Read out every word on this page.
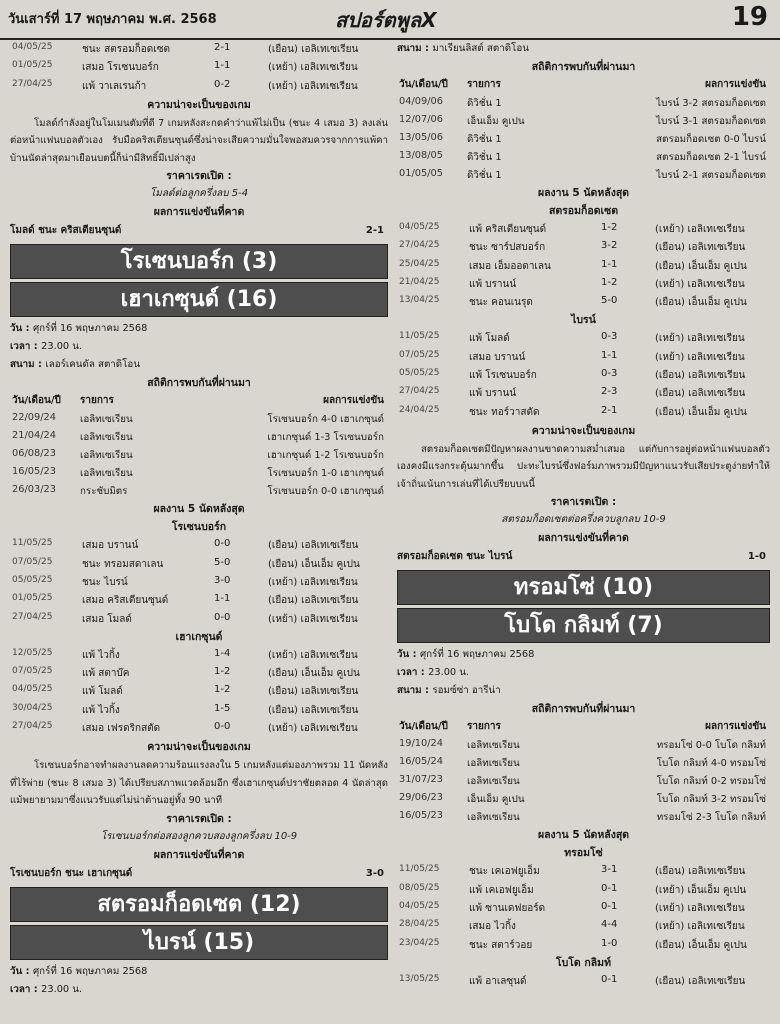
วันเสาร์ที่ 17 พฤษภาคม พ.ศ. 2568	สปอร์ตพูลX	19
04/05/25	ชนะ สตรอมก็อดเซต	2-1	(เยือน) เอลิเทเซเรียน
01/05/25	เสมอ โรเซนบอร์ก	1-1	(เหย้า) เอลิเทเซเรียน
27/04/25	แพ้ วาเลเรนก้า	0-2	(เหย้า) เอลิเทเซเรียน
ความน่าจะเป็นของเกม
โมลด์กำลังอยู่ในโมเมนตัมที่ดี 7 เกมหลังสะกดคำว่าแพ้ไม่เป็น (ชนะ 4 เสมอ 3) ลงเล่นต่อหน้าแฟนบอลตัวเอง รับมือคริสเตียนซุนด์ซึ่งน่าจะเสียความมั่นใจพอสมควรจากการแพ้คาบ้านนัดล่าสุดมาเยือนบตนี้ก็น่ามีสิทธิ์มีเปล่าสูง
ราคาเรตเปิด :
โมลด์ต่อลูกครึ่งลบ 5-4
ผลการแข่งขันที่คาด
โมลด์ ชนะ คริสเตียนซุนด์	2-1
โรเซนบอร์ก (3)
เฮาเกซุนด์ (16)
วัน : ศุกร์ที่ 16 พฤษภาคม 2568
เวลา : 23.00 น.
สนาม : เลอร์เคนดัล สตาดิโอน
สถิติการพบกันที่ผ่านมา
วัน/เดือน/ปี รายการ	ผลการแข่งขัน
22/09/24 เอลิทเซเรียน	โรเซนบอร์ก 4-0 เฮาเกซุนด์
21/04/24 เอลิทเซเรียน	เฮาเกซุนด์ 1-3 โรเซนบอร์ก
06/08/23 เอลิทเซเรียน	เฮาเกซุนด์ 1-2 โรเซนบอร์ก
16/05/23 เอลิทเซเรียน	โรเซนบอร์ก 1-0 เฮาเกซุนด์
26/03/23 กระชับมิตร	โรเซนบอร์ก 0-0 เฮาเกซุนด์
ผลงาน 5 นัดหลังสุด
โรเซนบอร์ก
11/05/25	เสมอ บรานน์	0-0	(เยือน) เอลิเทเซเรียน
07/05/25	ชนะ ทรอมสดาเลน	5-0	(เยือน) เอ็นเอ็ม คูเปน
05/05/25	ชนะ ไบรน์	3-0	(เหย้า) เอลิเทเซเรียน
01/05/25	เสมอ คริสเตียนซุนด์	1-1	(เยือน) เอลิเทเซเรียน
27/04/25	เสมอ โมลด์	0-0	(เหย้า) เอลิเทเซเรียน
เฮาเกซุนด์
12/05/25	แพ้ ไวกิ้ง	1-4	(เหย้า) เอลิเทเซเรียน
07/05/25	แพ้ สตาบ๊ค	1-2	(เยือน) เอ็นเอ็ม คูเปน
04/05/25	แพ้ โมลด์	1-2	(เยือน) เอลิเทเซเรียน
30/04/25	แพ้ ไวกิ้ง	1-5	(เยือน) เอลิเทเซเรียน
27/04/25	เสมอ เฟรดริกสตัด	0-0	(เหย้า) เอลิเทเซเรียน
ความน่าจะเป็นของเกม
โรเซนบอร์กอาจทำผลงานลดความร้อนแรงลงใน 5 เกมหลังแต่มองภาพรวม 11 นัดหลังที่ไร้พ่าย (ชนะ 8 เสมอ 3) ได้เปรียบสภาพแวดล้อมอีก ซึ่งเฮาเกซุนด์ปราชัยตลอด 4 นัดล่าสุดแม้พยายามมาซึ่งแนวรับแต่ไม่น่าต้านอยู่ทั้ง 90 นาที
ราคาเรตเปิด :
โรเซนบอร์กต่อสองลูกควบสองลูกครึ่งลบ 10-9
ผลการแข่งขันที่คาด
โรเซนบอร์ก ชนะ เฮาเกซุนด์	3-0
สตรอมก็อดเซต (12)
ไบรน์ (15)
วัน : ศุกร์ที่ 16 พฤษภาคม 2568
เวลา : 23.00 น.
สนาม : มาเรียนลิสต์ สตาดิโอน
สถิติการพบกันที่ผ่านมา
วัน/เดือน/ปี รายการ	ผลการแข่งขัน
04/09/06 ดิวิชั่น 1	ไบรน์ 3-2 สตรอมก็อดเซต
12/07/06 เอ็นเอ็ม คูเปน	ไบรน์ 3-1 สตรอมก็อดเซต
13/05/06 ดิวิชั่น 1	สตรอมก็อดเซต 0-0 ไบรน์
13/08/05 ดิวิชั่น 1	สตรอมก็อดเซต 2-1 ไบรน์
01/05/05 ดิวิชั่น 1	ไบรน์ 2-1 สตรอมก็อดเซต
ผลงาน 5 นัดหลังสุด
สตรอมก็อดเซต
04/05/25	แพ้ คริสเตียนซุนด์	1-2	(เหย้า) เอลิเทเซเรียน
27/04/25	ชนะ ซาร์ปสบอร์ก	3-2	(เยือน) เอลิเทเซเรียน
25/04/25	เสมอ เอ็มออดาเลน	1-1	(เยือน) เอ็นเอ็ม คูเปน
21/04/25	แพ้ บรานน์	1-2	(เหย้า) เอลิเทเซเรียน
13/04/25	ชนะ คอนเนรุด	5-0	(เยือน) เอ็นเอ็ม คูเปน
ไบรน์
11/05/25	แพ้ โมลด์	0-3	(เหย้า) เอลิเทเซเรียน
07/05/25	เสมอ บรานน์	1-1	(เหย้า) เอลิเทเซเรียน
05/05/25	แพ้ โรเซนบอร์ก	0-3	(เยือน) เอลิเทเซเรียน
27/04/25	แพ้ บรานน์	2-3	(เยือน) เอลิเทเซเรียน
24/04/25	ชนะ ทอร์วาสตัด	2-1	(เยือน) เอ็นเอ็ม คูเปน
ความน่าจะเป็นของเกม
สตรอมก็อดเซตมีปัญหาผลงานขาดความสม่ำเสมอ แต่กับการอยู่ต่อหน้าแฟนบอลตัวเองคงมีแรงกระตุ้นมากขึ้น ปะทะไบรน์ซึ่งฟอร์มภาพรวมมีปัญหาแนวรับเสียประตูง่ายทำให้เจ้าถิ่นเน้นการเล่นที่ได้เปรียบบนนี้
ราคาเรตเปิด :
สตรอมก็อดเซตต่อครึ่งควบลูกลบ 10-9
ผลการแข่งขันที่คาด
สตรอมก็อดเซต ชนะ ไบรน์	1-0
ทรอมโซ่ (10)
โบโด กลิมท์ (7)
วัน : ศุกร์ที่ 16 พฤษภาคม 2568
เวลา : 23.00 น.
สนาม : รอมซ์ซ่า อารีน่า
สถิติการพบกันที่ผ่านมา
วัน/เดือน/ปี รายการ	ผลการแข่งขัน
19/10/24 เอลิทเซเรียน	ทรอมโซ่ 0-0 โบโด กลิมท์
16/05/24 เอลิทเซเรียน	โบโด กลิมท์ 4-0 ทรอมโซ่
31/07/23 เอลิทเซเรียน	โบโด กลิมท์ 0-2 ทรอมโซ่
29/06/23 เอ็นเอ็ม คูเปน	โบโด กลิมท์ 3-2 ทรอมโซ่
16/05/23 เอลิทเซเรียน	ทรอมโซ่ 2-3 โบโด กลิมท์
ผลงาน 5 นัดหลังสุด
ทรอมโซ่
11/05/25	ชนะ เคเอฟยูเอ็ม	3-1	(เยือน) เอลิเทเซเรียน
08/05/25	แพ้ เคเอฟยูเอ็ม	0-1	(เหย้า) เอ็นเอ็ม คูเปน
04/05/25	แพ้ ซานเดฟยอร์ด	0-1	(เหย้า) เอลิเทเซเรียน
28/04/25	เสมอ ไวกิ้ง	4-4	(เหย้า) เอลิเทเซเรียน
23/04/25	ชนะ สตาร์วอย	1-0	(เยือน) เอ็นเอ็ม คูเปน
โบโด กลิมท์
13/05/25	แพ้ อาเลซุนด์	0-1	(เยือน) เอลิเทเซเรียน
